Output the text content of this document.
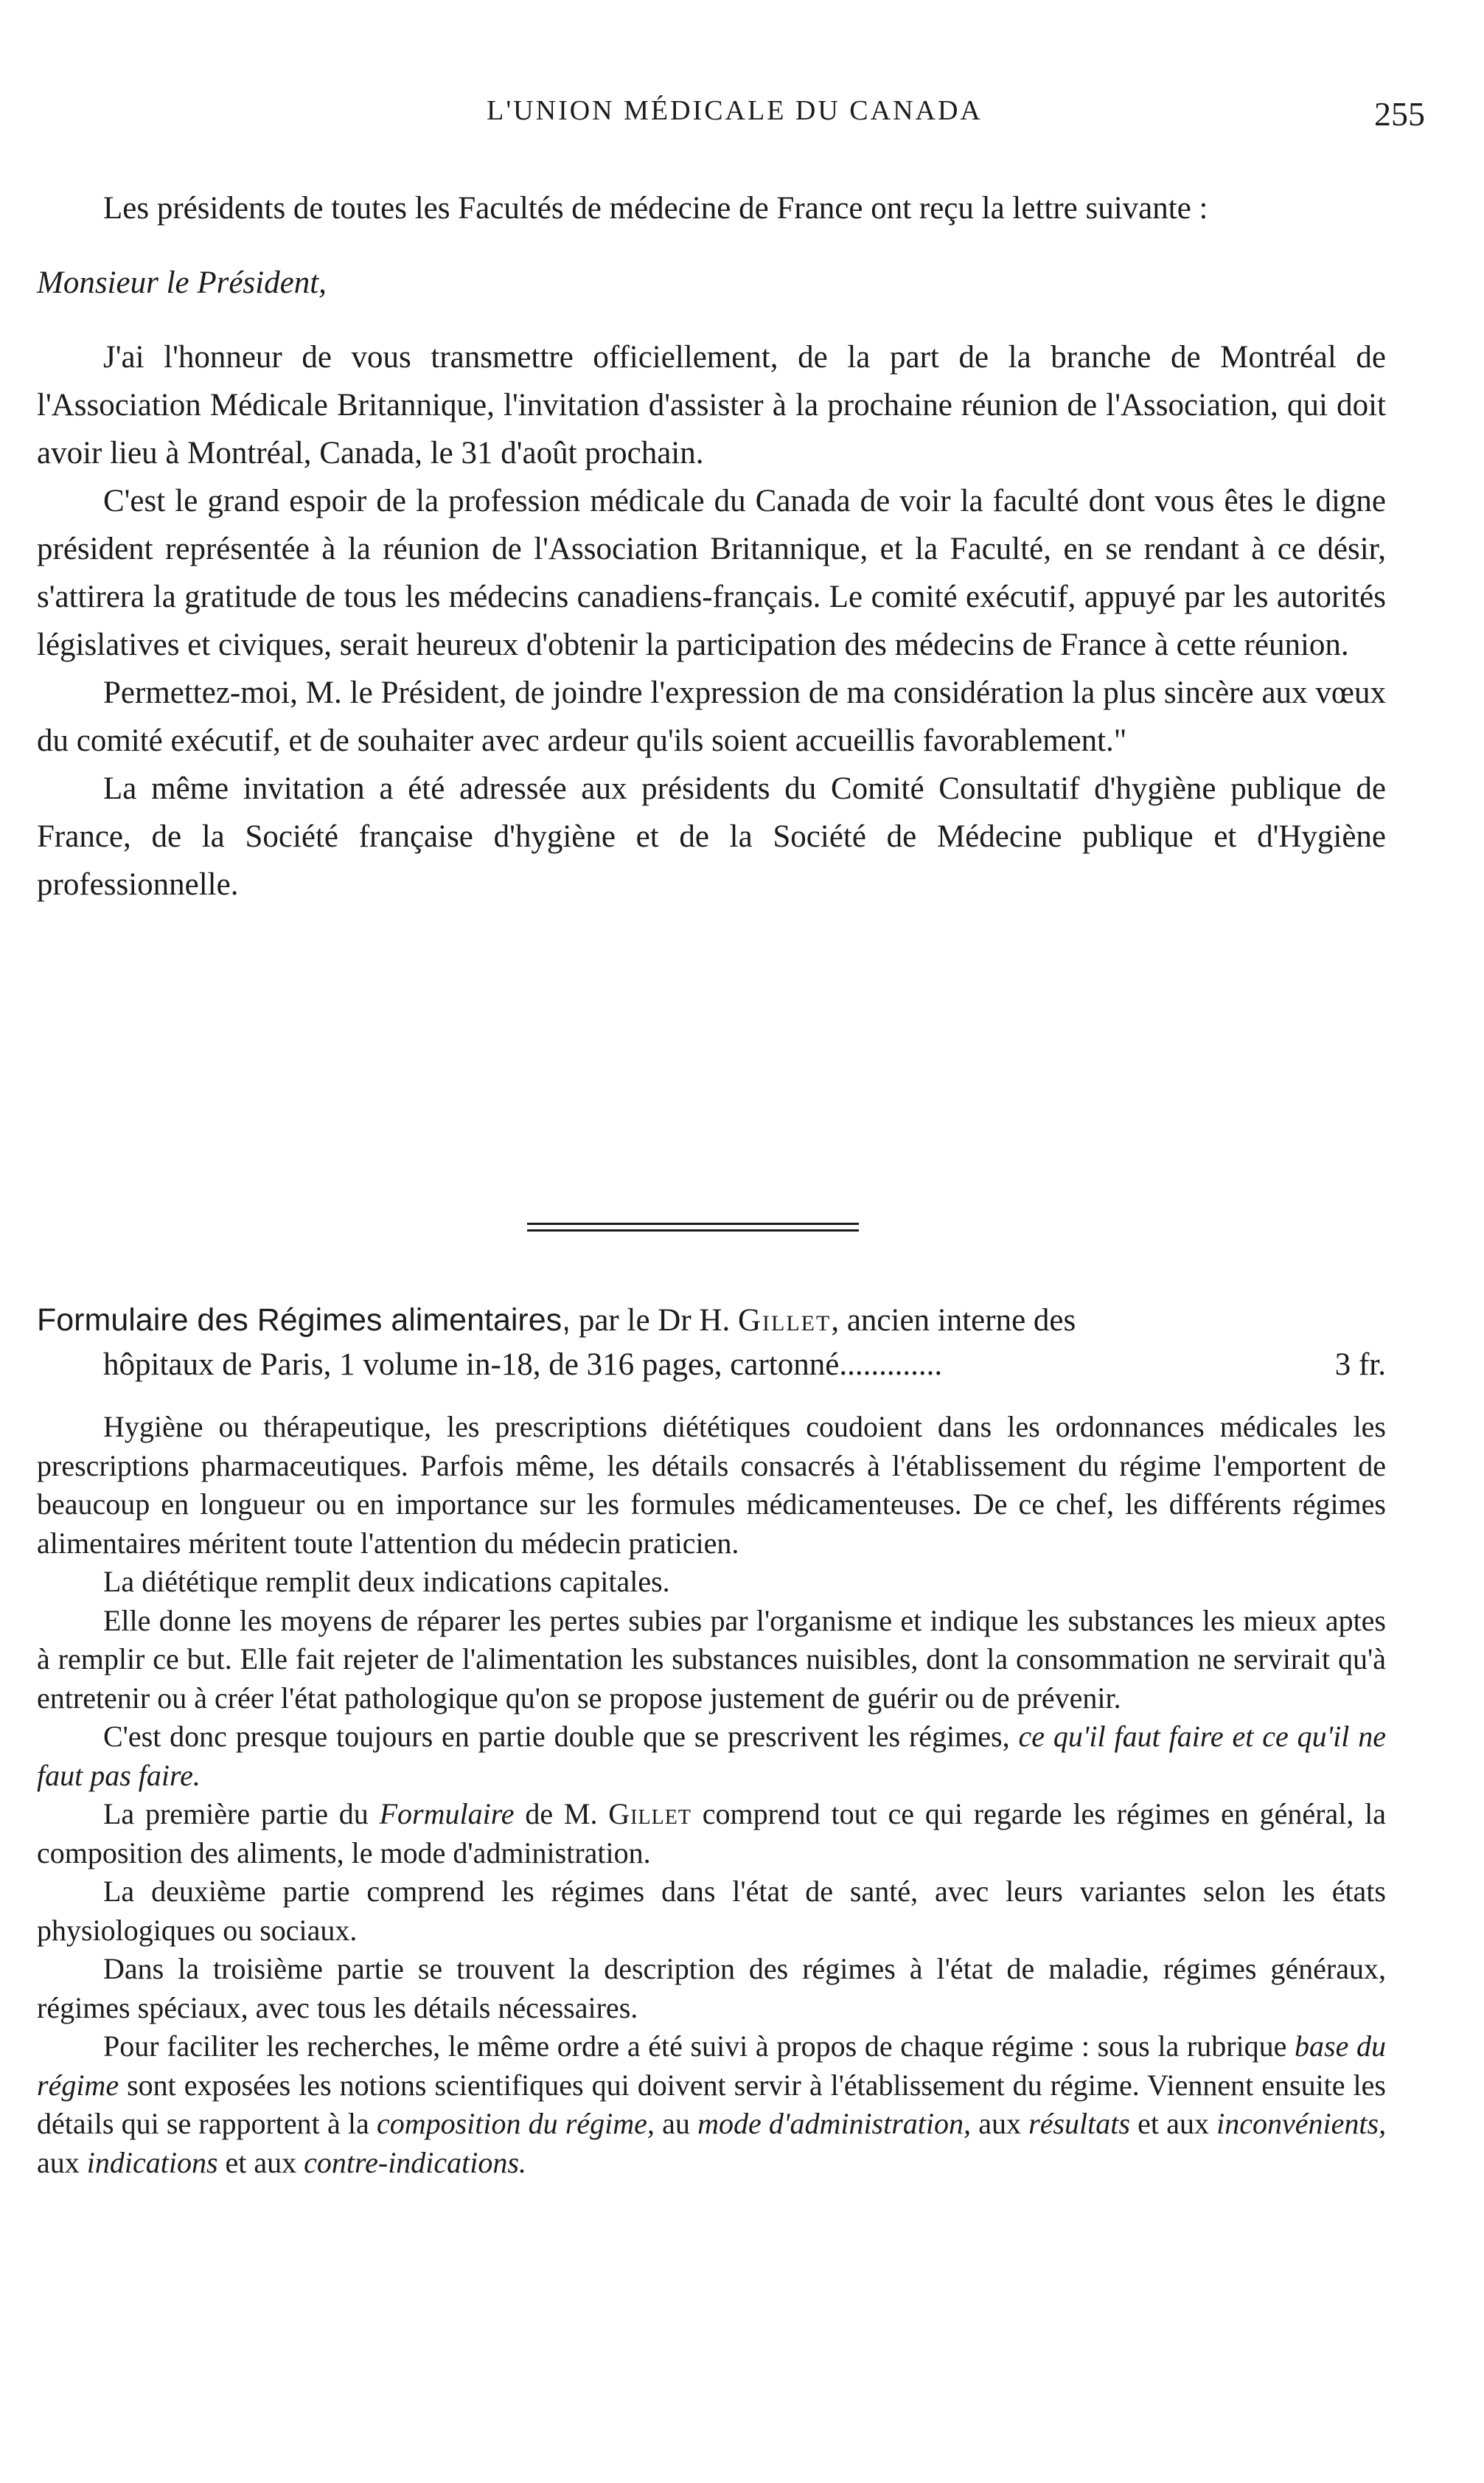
L'UNION MÉDICALE DU CANADA	255

Les présidents de toutes les Facultés de médecine de France ont reçu la lettre suivante :

Monsieur le Président,

J'ai l'honneur de vous transmettre officiellement, de la part de la branche de Montréal de l'Association Médicale Britannique, l'invitation d'assister à la prochaine réunion de l'Association, qui doit avoir lieu à Montréal, Canada, le 31 d'août prochain.

C'est le grand espoir de la profession médicale du Canada de voir la faculté dont vous êtes le digne président représentée à la réunion de l'Association Britannique, et la Faculté, en se rendant à ce désir, s'attirera la gratitude de tous les médecins canadiens-français. Le comité exécutif, appuyé par les autorités législatives et civiques, serait heureux d'obtenir la participation des médecins de France à cette réunion.

Permettez-moi, M. le Président, de joindre l'expression de ma considération la plus sincère aux vœux du comité exécutif, et de souhaiter avec ardeur qu'ils soient accueillis favorablement."

La même invitation a été adressée aux présidents du Comité Consultatif d'hygiène publique de France, de la Société française d'hygiène et de la Société de Médecine publique et d'Hygiène professionnelle.

Formulaire des Régimes alimentaires, par le Dr H. Gillet, ancien interne des
hôpitaux de Paris, 1 volume in-18, de 316 pages, cartonné.............	3 fr.

Hygiène ou thérapeutique, les prescriptions diététiques coudoient dans les ordonnances médicales les prescriptions pharmaceutiques. Parfois même, les détails consacrés à l'établissement du régime l'emportent de beaucoup en longueur ou en importance sur les formules médicamenteuses. De ce chef, les différents régimes alimentaires méritent toute l'attention du médecin praticien.

La diététique remplit deux indications capitales.

Elle donne les moyens de réparer les pertes subies par l'organisme et indique les substances les mieux aptes à remplir ce but. Elle fait rejeter de l'alimentation les substances nuisibles, dont la consommation ne servirait qu'à entretenir ou à créer l'état pathologique qu'on se propose justement de guérir ou de prévenir.

C'est donc presque toujours en partie double que se prescrivent les régimes, ce qu'il faut faire et ce qu'il ne faut pas faire.

La première partie du Formulaire de M. Gillet comprend tout ce qui regarde les régimes en général, la composition des aliments, le mode d'administration.

La deuxième partie comprend les régimes dans l'état de santé, avec leurs variantes selon les états physiologiques ou sociaux.

Dans la troisième partie se trouvent la description des régimes à l'état de maladie, régimes généraux, régimes spéciaux, avec tous les détails nécessaires.

Pour faciliter les recherches, le même ordre a été suivi à propos de chaque régime : sous la rubrique base du régime sont exposées les notions scientifiques qui doivent servir à l'établissement du régime. Viennent ensuite les détails qui se rapportent à la composition du régime, au mode d'administration, aux résultats et aux inconvénients, aux indications et aux contre-indications.
